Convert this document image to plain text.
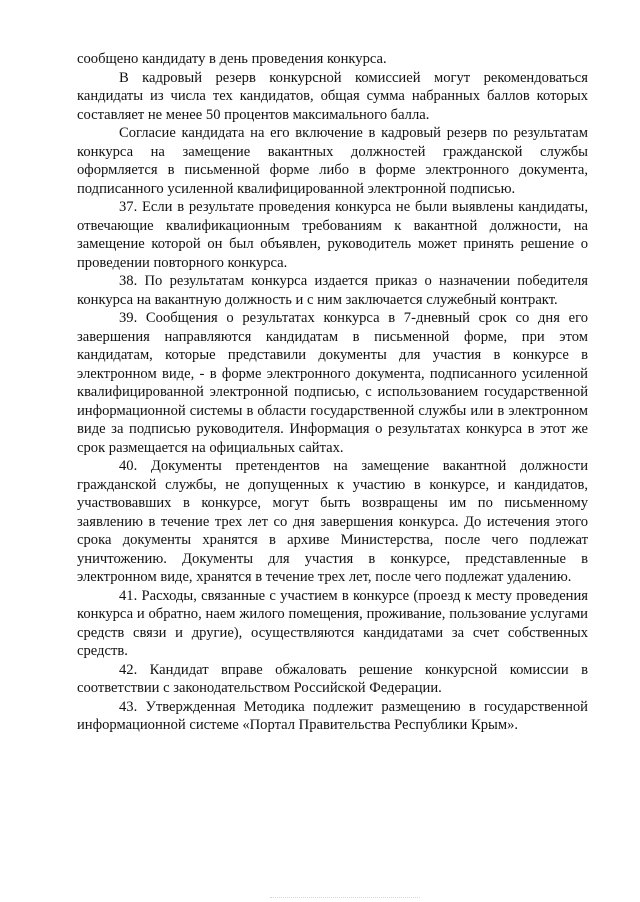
сообщено кандидату в день проведения конкурса.

В кадровый резерв конкурсной комиссией могут рекомендоваться кандидаты из числа тех кандидатов, общая сумма набранных баллов которых составляет не менее 50 процентов максимального балла.

Согласие кандидата на его включение в кадровый резерв по результатам конкурса на замещение вакантных должностей гражданской службы оформляется в письменной форме либо в форме электронного документа, подписанного усиленной квалифицированной электронной подписью.

37. Если в результате проведения конкурса не были выявлены кандидаты, отвечающие квалификационным требованиям к вакантной должности, на замещение которой он был объявлен, руководитель может принять решение о проведении повторного конкурса.

38. По результатам конкурса издается приказ о назначении победителя конкурса на вакантную должность и с ним заключается служебный контракт.

39. Сообщения о результатах конкурса в 7-дневный срок со дня его завершения направляются кандидатам в письменной форме, при этом кандидатам, которые представили документы для участия в конкурсе в электронном виде, - в форме электронного документа, подписанного усиленной квалифицированной электронной подписью, с использованием государственной информационной системы в области государственной службы или в электронном виде за подписью руководителя. Информация о результатах конкурса в этот же срок размещается на официальных сайтах.

40. Документы претендентов на замещение вакантной должности гражданской службы, не допущенных к участию в конкурсе, и кандидатов, участвовавших в конкурсе, могут быть возвращены им по письменному заявлению в течение трех лет со дня завершения конкурса. До истечения этого срока документы хранятся в архиве Министерства, после чего подлежат уничтожению. Документы для участия в конкурсе, представленные в электронном виде, хранятся в течение трех лет, после чего подлежат удалению.

41. Расходы, связанные с участием в конкурсе (проезд к месту проведения конкурса и обратно, наем жилого помещения, проживание, пользование услугами средств связи и другие), осуществляются кандидатами за счет собственных средств.

42. Кандидат вправе обжаловать решение конкурсной комиссии в соответствии с законодательством Российской Федерации.

43. Утвержденная Методика подлежит размещению в государственной информационной системе «Портал Правительства Республики Крым».
